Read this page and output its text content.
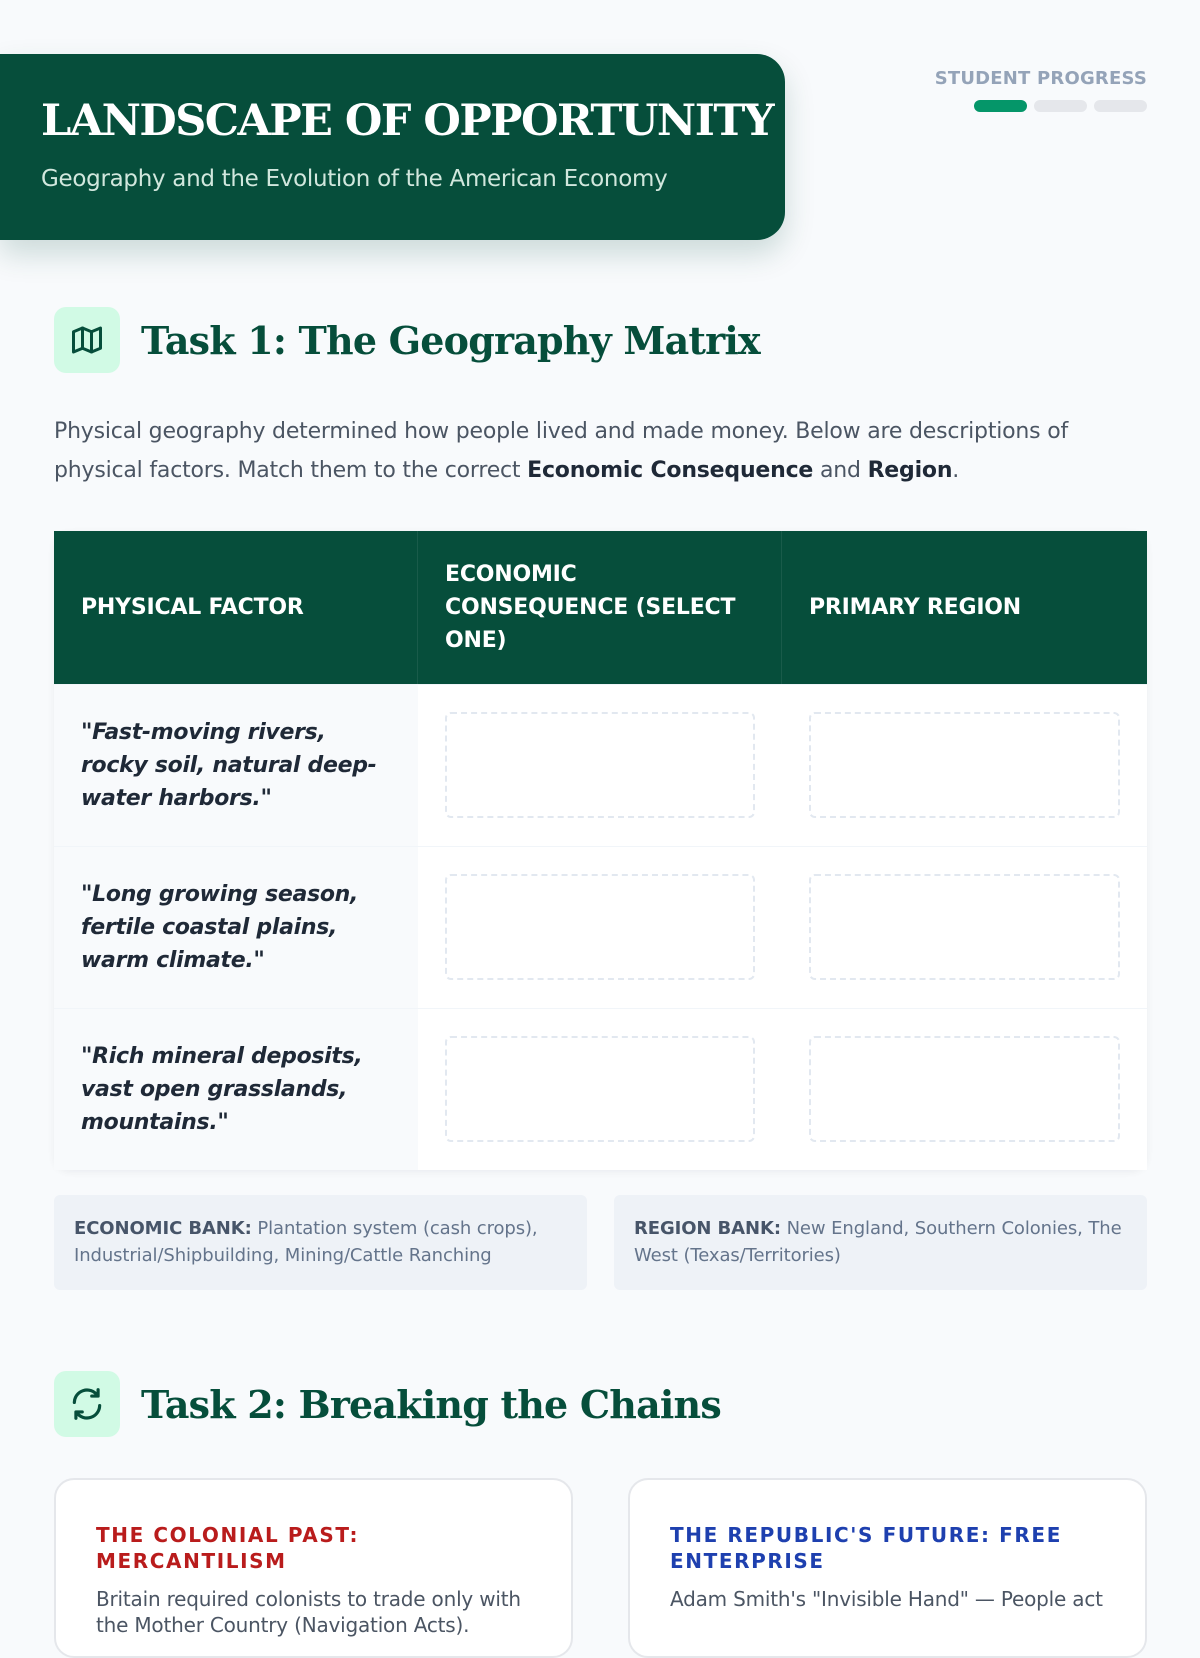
LANDSCAPE OF OPPORTUNITY
Geography and the Evolution of the American Economy
STUDENT PROGRESS
Task 1: The Geography Matrix

Physical geography determined how people lived and made money. Below are descriptions of physical factors. Match them to the correct Economic Consequence and Region.

PHYSICAL FACTOR
ECONOMIC CONSEQUENCE (SELECT ONE)
PRIMARY REGION
"Fast-moving rivers, rocky soil, natural deep-water harbors."
"Long growing season, fertile coastal plains, warm climate."
"Rich mineral deposits, vast open grasslands, mountains."
ECONOMIC BANK: Plantation system (cash crops), Industrial/Shipbuilding, Mining/Cattle Ranching
REGION BANK: New England, Southern Colonies, The West (Texas/Territories)
Task 2: Breaking the Chains
THE COLONIAL PAST: MERCANTILISM
Britain required colonists to trade only with the Mother Country (Navigation Acts).
THE REPUBLIC'S FUTURE: FREE ENTERPRISE
Adam Smith's "Invisible Hand" — People act
